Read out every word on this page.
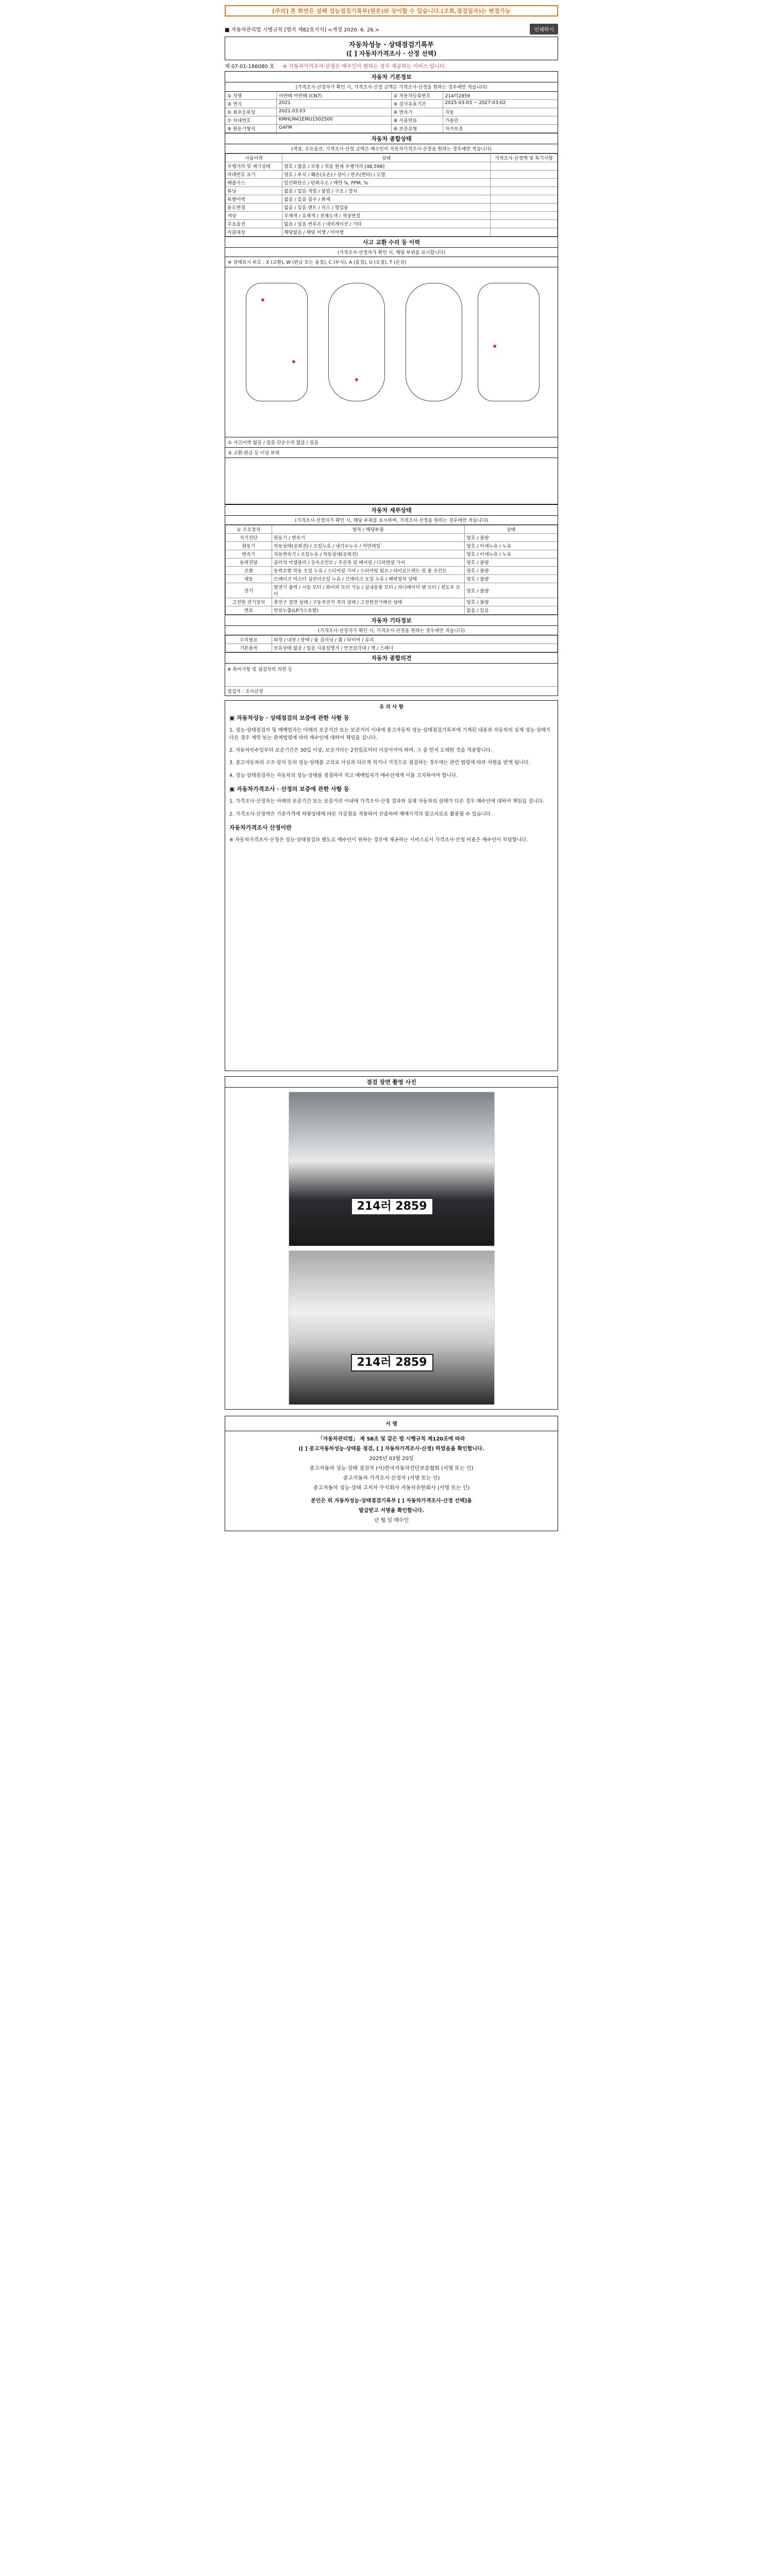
[주의] 본 화면은 설해 성능점검기록부(원본)와 상이할 수 있습니다.(조회,점검일자)는 변경가능
■ 자동차관리법 시행규칙 [별지 제82호서식] <개정 2020. 6. 26.>	인쇄하기
자동차성능 · 상태점검기록부
([ ] 자동차가격조사 · 산정 선택)
제 07-01-186080 호 ※ 자동차가격조사·산정은 매수인이 원하는 경우 제공하는 서비스 입니다.
자동차 기본정보
(가격조사·산정자가 확인 시, 가격조사·산정 금액은 가격조사·산정을 원하는 경우에만 적습니다)
① 차명	아반떼 아반떼 (CN7)	② 자동차등록번호	214러2859
③ 연식	2021	④ 검사유효기간	2025-03-03 ~ 2027-03-02
⑤ 최초등록일	2021.03.03	⑥ 변속기	자동
⑦ 차대번호	KMHLM41EMU1502500	⑧ 사용연료	가솔린
⑨ 원동기형식	G4FM	⑩ 보증유형	자가보증
자동차 종합상태
(색상, 주요옵션, 가격조사·산정 금액은 매수인이 자동차가격조사·산정을 원하는 경우에만 적습니다)
사용이력	상태	가격조사·산정액 및 특기사항
주행거리 및 계기상태	양호 / 많음 / 보통 / 적음 현재 주행거리 [48,598]	
차대번호 표기	양호 / 부식 / 훼손(오손) / 상이 / 변조(변타) / 도말	
배출가스	일산화탄소 / 탄화수소 / 매연 %, PPM, %	
튜닝	없음 / 있음 적법 / 불법 / 구조 / 장치	
특별이력	없음 / 있음 침수 / 화재	
용도변경	없음 / 있음 렌트 / 리스 / 영업용	
색상	무채색 / 유채색 / 전체도색 / 색상변경	
주요옵션	없음 / 있음 썬루프 / 네비게이션 / 기타	
리콜대상	해당없음 / 해당 이행 / 미이행	
사고 교환 수리 등 이력
(가격조사·산정자가 확인 시, 해당 부위를 표시합니다)
※ 상태표시 부호 : X (교환), W (판금 또는 용접), C (부식), A (흠집), U (요철), T (손상)
① 사고이력 없음 / 있음 단순수리 없음 / 있음
② 교환·판금 등 이상 부위
자동차 세부상태
(가격조사·산정자가 확인 시, 해당 부위를 표시하며, 가격조사·산정을 원하는 경우에만 적습니다)
① 주요장치	항목 / 해당부품	상태
자기진단	원동기 / 변속기	양호 / 불량
원동기	작동상태(공회전) / 오일누유 / 냉각수누수 / 커먼레일	양호 / 미세누유 / 누유
변속기	자동변속기 / 오일누유 / 작동상태(공회전)	양호 / 미세누유 / 누유
동력전달	클러치 어셈블리 / 등속조인트 / 추진축 및 베어링 / 디퍼렌셜 기어	양호 / 불량
조향	동력조향 작동 오일 누유 / 스티어링 기어 / 스티어링 펌프 / 타이로드엔드 및 볼 조인트	양호 / 불량
제동	브레이크 마스터 실린더오일 누유 / 브레이크 오일 누유 / 배력장치 상태	양호 / 불량
전기	발전기 출력 / 시동 모터 / 와이퍼 모터 기능 / 실내송풍 모터 / 라디에이터 팬 모터 / 윈도우 모터	양호 / 불량
고전원 전기장치	충전구 절연 상태 / 구동축전지 격리 상태 / 고전원전기배선 상태	양호 / 불량
연료	연료누출(LP가스포함)	없음 / 있음
자동차 기타정보
(가격조사·산정자가 확인 시, 가격조사·산정을 원하는 경우에만 적습니다)
수리필요	외장 / 내장 / 광택 / 룸 클리닝 / 휠 / 타이어 / 유리
기본품목	보유상태 없음 / 있음 사용설명서 / 안전삼각대 / 잭 / 스패너
자동차 종합의견
※ 특이사항 및 점검자의 의견 등
점검자 : 조사산정
유 의 사 항
▣ 자동차성능 · 상태점검의 보증에 관한 사항 등

1. 성능·상태점검자 및 매매업자는 아래의 보증기간 또는 보증거리 이내에 중고자동차 성능·상태점검기록부에 기재된 내용과 자동차의 실제 성능·상태가 다른 경우 계약 또는 관계법령에 따라 매수인에 대하여 책임을 집니다.

2. 자동차인수일부터 보증기간은 30일 이상, 보증거리는 2천킬로미터 이상이어야 하며, 그 중 먼저 도래한 것을 적용합니다.

3. 중고자동차의 구조·장치 등의 성능·상태를 고의로 사실과 다르게 적거나 거짓으로 점검하는 경우에는 관련 법령에 따라 처벌을 받게 됩니다.

4. 성능·상태점검자는 자동차의 성능·상태를 점검하여 적고 매매업자가 매수인에게 이를 고지하여야 합니다.

▣ 자동차가격조사 · 산정의 보증에 관한 사항 등

1. 가격조사·산정자는 아래의 보증기간 또는 보증거리 이내에 가격조사·산정 결과와 실제 자동차의 상태가 다른 경우 매수인에 대하여 책임을 집니다.

2. 가격조사·산정액은 기준가격에 차량상태에 따른 가감점을 적용하여 산출하며 매매가격의 참고자료로 활용될 수 있습니다.

자동차가격조사 산정이란

※ 자동차가격조사·산정은 성능·상태점검과 별도로 매수인이 원하는 경우에 제공하는 서비스로서 가격조사·산정 비용은 매수인이 부담합니다.

점검 장면 촬영 사진
214러 2859
214러 2859
서 명
「자동차관리법」 제 58조 및 같은 법 시행규칙 제120조에 따라
([ ] 중고자동차성능·상태를 점검, [ ] 자동차가격조사·산정) 하였음을 확인합니다.
2025년 03월 20일
중고자동차 성능·상태 점검자 (사)한국자동차진단보증협회 (서명 또는 인)
중고자동차 가격조사·산정자 (서명 또는 인)
중고자동차 성능·상태 고지자 주식회사 자동차유한회사 (서명 또는 인)
본인은 위 자동차성능·상태점검기록부 [ ] 자동차가격조사·산정 선택]을
발급받고 서명을 확인합니다.
년 월 일 매수인
